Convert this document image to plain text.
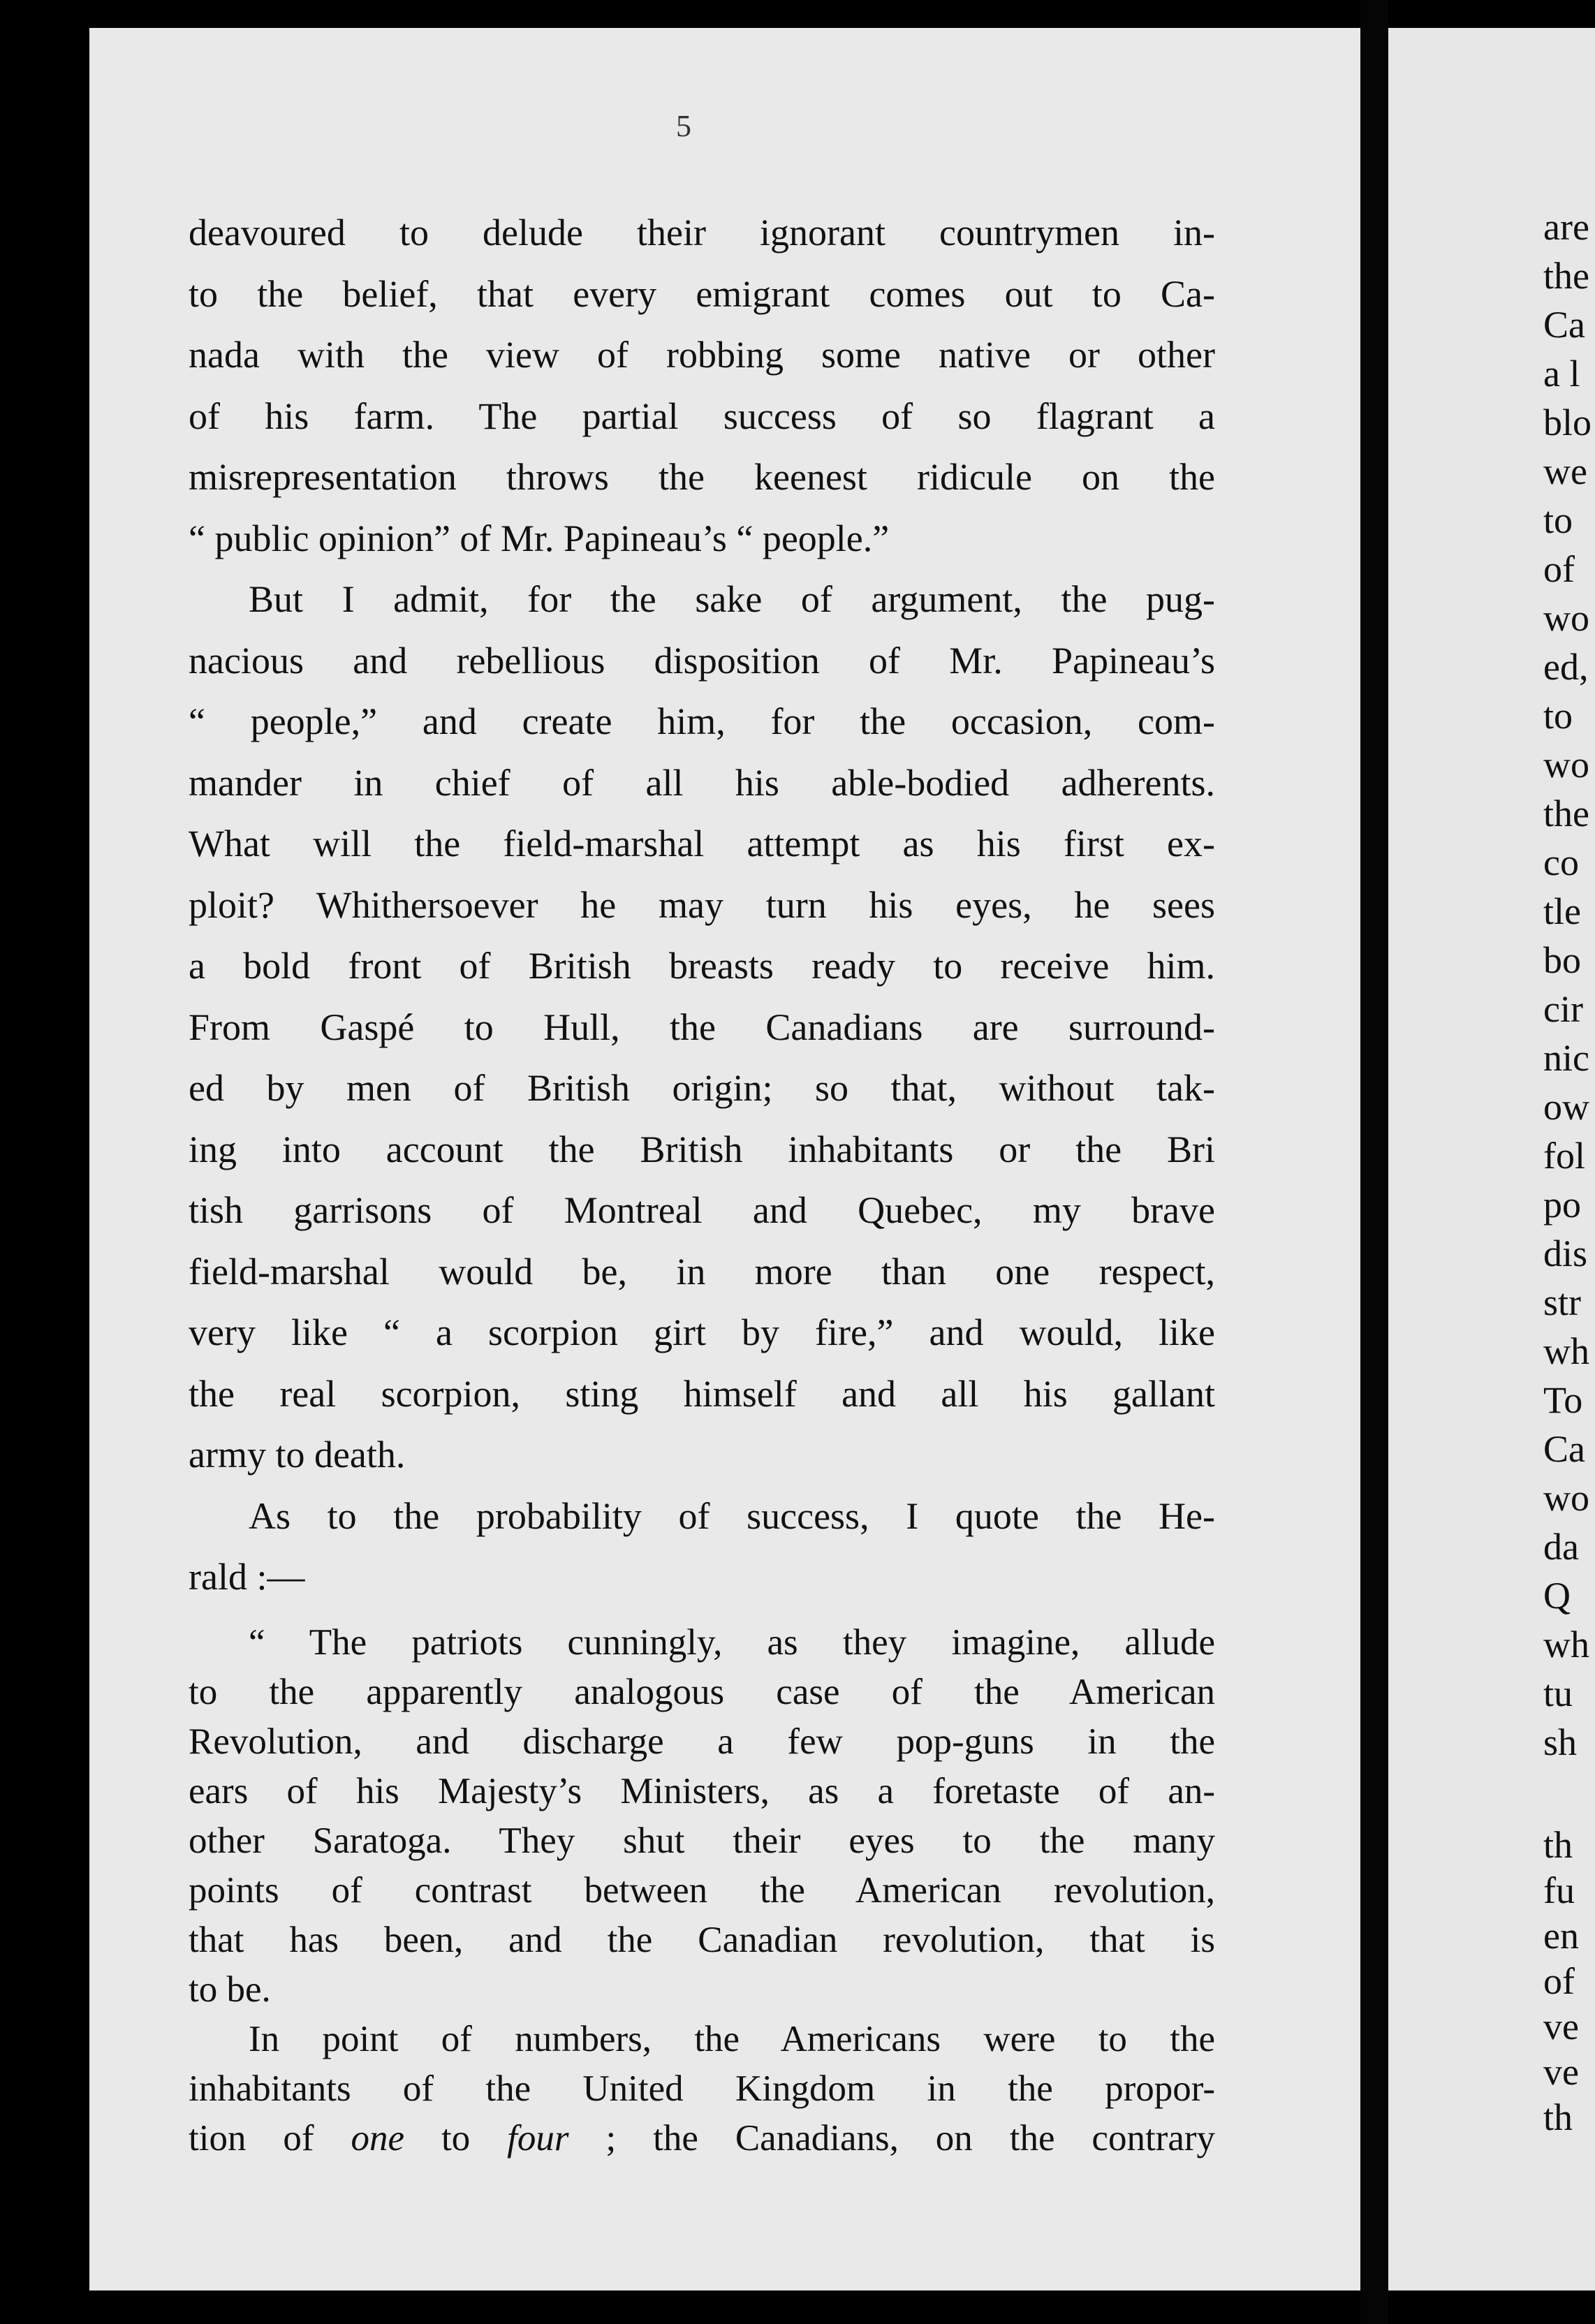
5
deavoured to delude their ignorant countrymen in-
to the belief, that every emigrant comes out to Ca-
nada with the view of robbing some native or other
of his farm. The partial success of so flagrant a
misrepresentation throws the keenest ridicule on the
“ public opinion” of Mr. Papineau’s “ people.”
But I admit, for the sake of argument, the pug-
nacious and rebellious disposition of Mr. Papineau’s
“ people,” and create him, for the occasion, com-
mander in chief of all his able-bodied adherents.
What will the field-marshal attempt as his first ex-
ploit? Whithersoever he may turn his eyes, he sees
a bold front of British breasts ready to receive him.
From Gaspé to Hull, the Canadians are surround-
ed by men of British origin; so that, without tak-
ing into account the British inhabitants or the Bri
tish garrisons of Montreal and Quebec, my brave
field-marshal would be, in more than one respect,
very like “ a scorpion girt by fire,” and would, like
the real scorpion, sting himself and all his gallant
army to death.
As to the probability of success, I quote the He-
rald :—
“ The patriots cunningly, as they imagine, allude
to the apparently analogous case of the American
Revolution, and discharge a few pop-guns in the
ears of his Majesty’s Ministers, as a foretaste of an-
other Saratoga. They shut their eyes to the many
points of contrast between the American revolution,
that has been, and the Canadian revolution, that is
to be.
In point of numbers, the Americans were to the
inhabitants of the United Kingdom in the propor-
tion of one to four ; the Canadians, on the contrary
are
the
Ca
a l
blo
we
to
of
wo
ed,
to
wo
the
co
tle
bo
cir
nic
ow
fol
po
dis
str
wh
To
Ca
wo
da
Q
wh
tu
sh
th
fu
en
of
ve
ve
th
